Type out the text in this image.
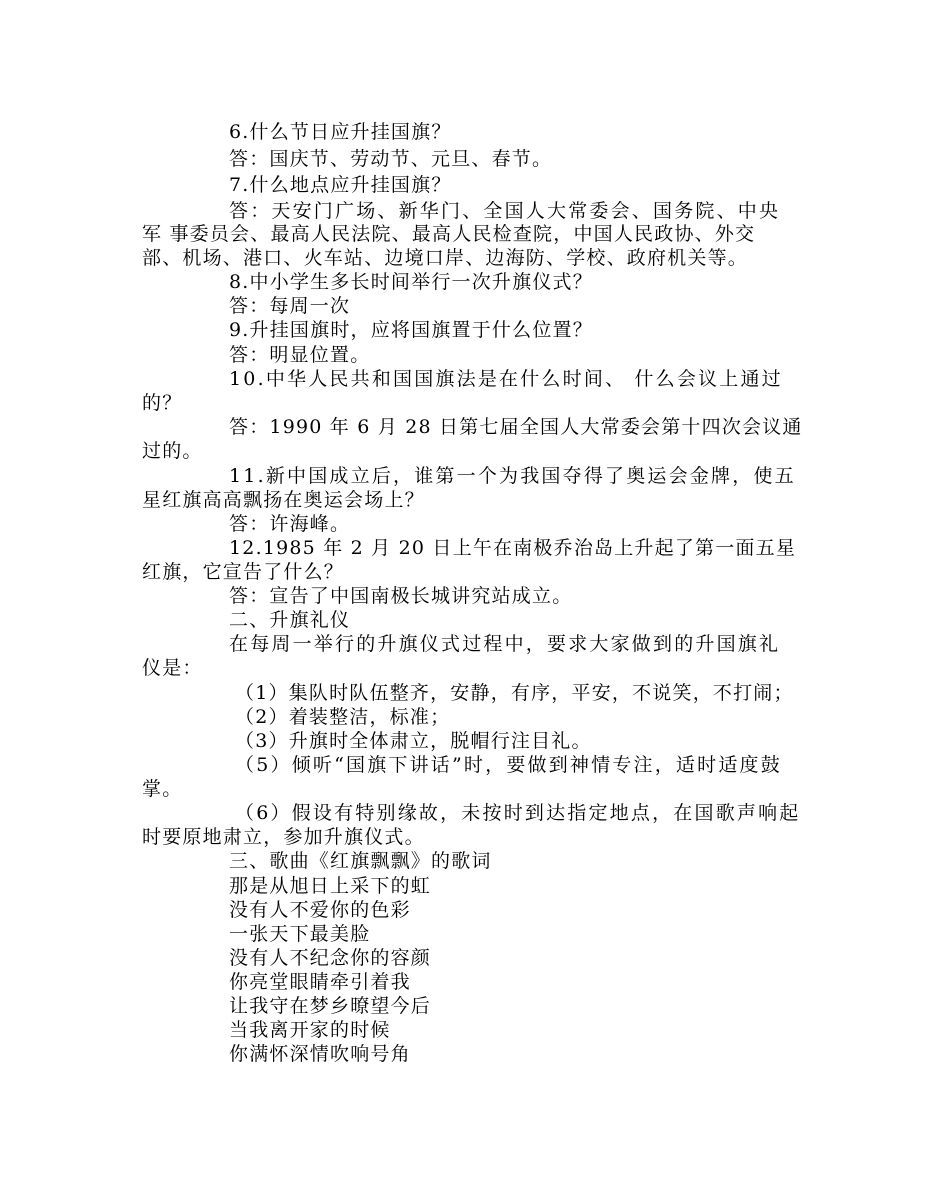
6.什么节日应升挂国旗？
答：国庆节、劳动节、元旦、春节。
7.什么地点应升挂国旗？
答：天安门广场、新华门、全国人大常委会、国务院、中央
军 事委员会、最高人民法院、最高人民检查院，中国人民政协、外交
部、机场、港口、火车站、边境口岸、边海防、学校、政府机关等。
8.中小学生多长时间举行一次升旗仪式？
答：每周一次
9.升挂国旗时，应将国旗置于什么位置？
答：明显位置。
10.中华人民共和国国旗法是在什么时间、 什么会议上通过
的？
答：1990 年 6 月 28 日第七届全国人大常委会第十四次会议通
过的。
11.新中国成立后，谁第一个为我国夺得了奥运会金牌，使五
星红旗高高飘扬在奥运会场上？
答：许海峰。
12.1985 年 2 月 20 日上午在南极乔治岛上升起了第一面五星
红旗，它宣告了什么？
答：宣告了中国南极长城讲究站成立。
二、升旗礼仪
在每周一举行的升旗仪式过程中，要求大家做到的升国旗礼
仪是：
（1）集队时队伍整齐，安静，有序，平安，不说笑，不打闹；
（2）着装整洁，标准；
（3）升旗时全体肃立，脱帽行注目礼。
（5）倾听“国旗下讲话”时，要做到神情专注，适时适度鼓
掌。
（6）假设有特别缘故，未按时到达指定地点，在国歌声响起
时要原地肃立，参加升旗仪式。
三、歌曲《红旗飘飘》的歌词
那是从旭日上采下的虹
没有人不爱你的色彩
一张天下最美脸
没有人不纪念你的容颜
你亮堂眼睛牵引着我
让我守在梦乡暸望今后
当我离开家的时候
你满怀深情吹响号角
